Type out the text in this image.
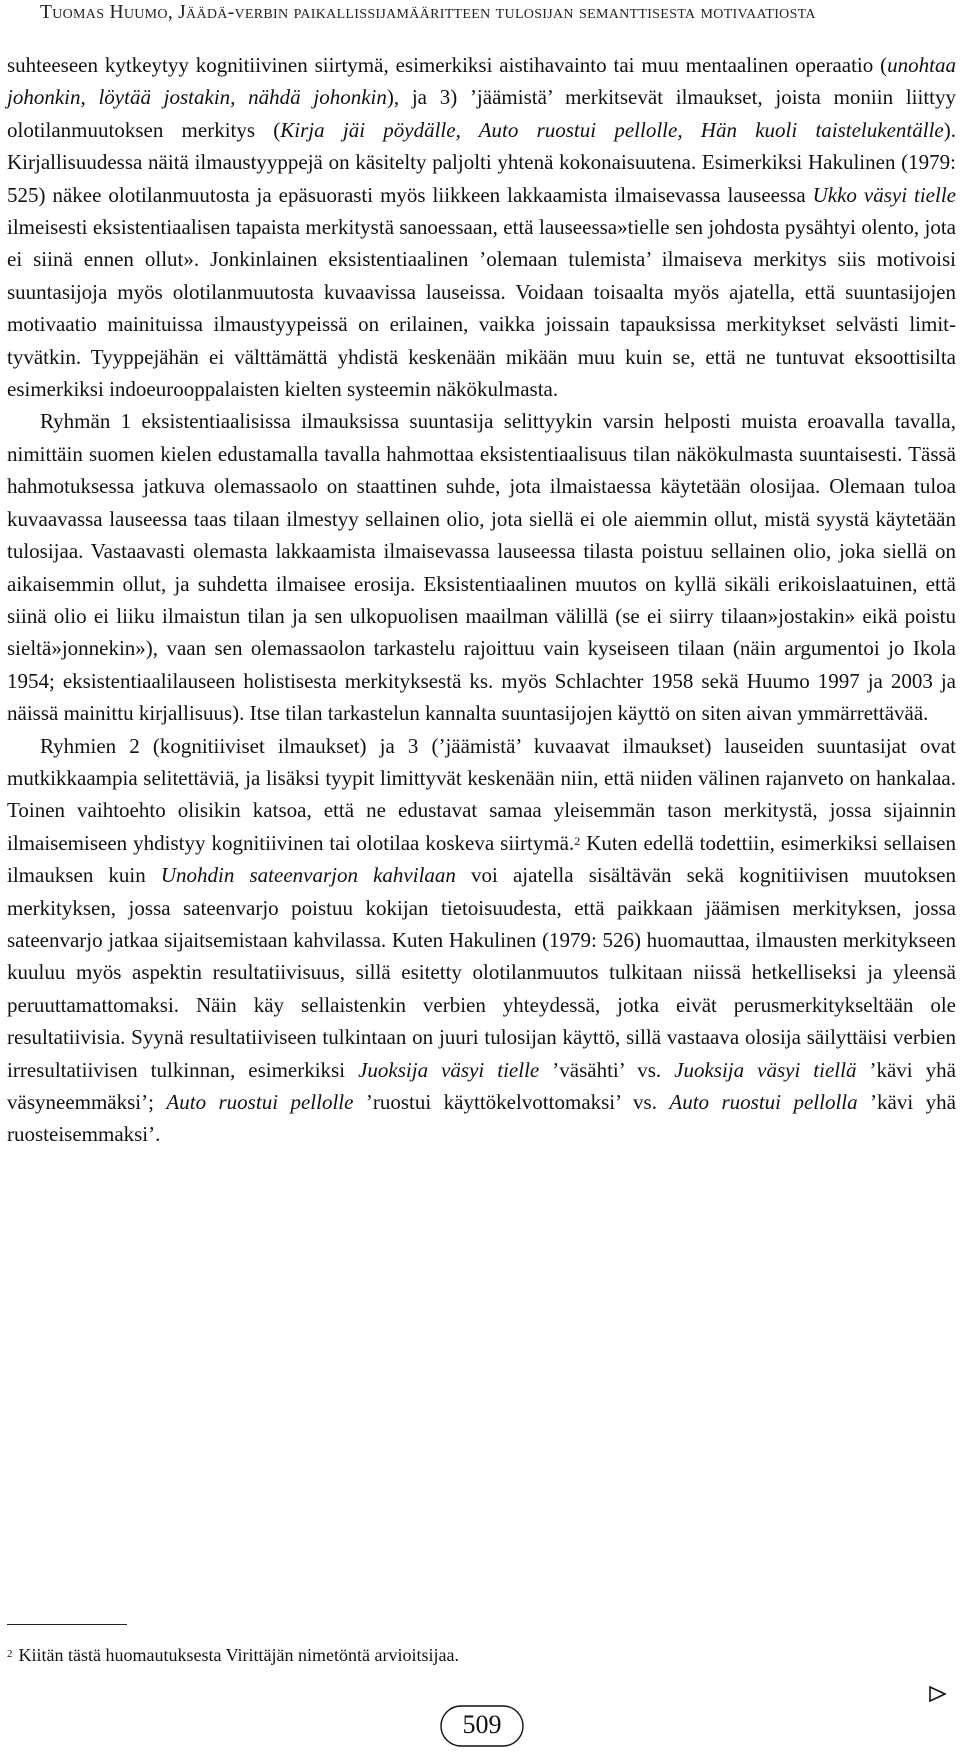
Tuomas Huumo, Jäädä-verbin paikallissijamääritteen tulosijan semanttisesta motivaatiosta

suhteeseen kytkeytyy kognitiivinen siirtymä, esimerkiksi aistihavainto tai muu mentaalinen operaatio (unohtaa johonkin, löytää jostakin, nähdä johonkin), ja 3) ’jäämistä’ merkitsevät ilmaukset, joista moniin liittyy olotilanmuutoksen merkitys (Kirja jäi pöydälle, Auto ruostui pellolle, Hän kuoli taistelukentälle). Kirjallisuudessa näitä ilmaustyyppejä on käsitelty paljolti yhtenä kokonaisuutena. Esimerkiksi Hakulinen (1979: 525) näkee olotilanmuutosta ja epäsuorasti myös liikkeen lakkaamista ilmaisevassa lauseessa Ukko väsyi tielle ilmeisesti eksistentiaalisen tapaista merkitystä sanoessaan, että lauseessa»tielle sen johdosta pysähtyi olento, jota ei siinä ennen ollut». Jonkinlainen eksistentiaalinen ’olemaan tulemista’ ilmaiseva merkitys siis motivoisi suuntasijoja myös olotilanmuutosta kuvaavissa lauseissa. Voidaan toisaalta myös ajatella, että suuntasijojen motivaatio mainituissa ilmaustyypeissä on erilainen, vaikka joissain tapauksissa merkitykset selvästi limittyvätkin. Tyyppejähän ei välttämättä yhdistä keskenään mikään muu kuin se, että ne tuntuvat eksoottisilta esimerkiksi indoeurooppalaisten kielten systeemin näkökulmasta.

Ryhmän 1 eksistentiaalisissa ilmauksissa suuntasija selittyykin varsin helposti muista eroavalla tavalla, nimittäin suomen kielen edustamalla tavalla hahmottaa eksistentiaalisuus tilan näkökulmasta suuntaisesti. Tässä hahmotuksessa jatkuva olemassaolo on staattinen suhde, jota ilmaistaessa käytetään olosijaa. Olemaan tuloa kuvaavassa lauseessa taas tilaan ilmestyy sellainen olio, jota siellä ei ole aiemmin ollut, mistä syystä käytetään tulosijaa. Vastaavasti olemasta lakkaamista ilmaisevassa lauseessa tilasta poistuu sellainen olio, joka siellä on aikaisemmin ollut, ja suhdetta ilmaisee erosija. Eksistentiaalinen muutos on kyllä sikäli erikoislaatuinen, että siinä olio ei liiku ilmaistun tilan ja sen ulkopuolisen maailman välillä (se ei siirry tilaan»jostakin» eikä poistu sieltä»jonnekin»), vaan sen olemassaolon tarkastelu rajoittuu vain kyseiseen tilaan (näin argumentoi jo Ikola 1954; eksistentiaalilauseen holistisesta merkityksestä ks. myös Schlachter 1958 sekä Huumo 1997 ja 2003 ja näissä mainittu kirjallisuus). Itse tilan tarkastelun kannalta suuntasijojen käyttö on siten aivan ymmärrettävää.

Ryhmien 2 (kognitiiviset ilmaukset) ja 3 (’jäämistä’ kuvaavat ilmaukset) lauseiden suuntasijat ovat mutkikkaampia selitettäviä, ja lisäksi tyypit limittyvät keskenään niin, että niiden välinen rajanveto on hankalaa. Toinen vaihtoehto olisikin katsoa, että ne edustavat samaa yleisemmän tason merkitystä, jossa sijainnin ilmaisemiseen yhdistyy kognitiivinen tai olotilaa koskeva siirtymä.$^2$ Kuten edellä todettiin, esimerkiksi sellaisen ilmauksen kuin Unohdin sateenvarjon kahvilaan voi ajatella sisältävän sekä kognitiivisen muutoksen merkityksen, jossa sateenvarjo poistuu kokijan tietoisuudesta, että paikkaan jäämisen merkityksen, jossa sateenvarjo jatkaa sijaitsemistaan kahvilassa. Kuten Hakulinen (1979: 526) huomauttaa, ilmausten merkitykseen kuuluu myös aspektin resultatiivisuus, sillä esitetty olotilanmuutos tulkitaan niissä hetkelliseksi ja yleensä peruuttamattomaksi. Näin käy sellaistenkin verbien yhteydessä, jotka eivät perusmerkitykseltään ole resultatiivisia. Syynä resultatiiviseen tulkintaan on juuri tulosijan käyttö, sillä vastaava olosija säilyttäisi verbien irresultatiivisen tulkinnan, esimerkiksi Juoksija väsyi tielle ’väsähti’ vs. Juoksija väsyi tiellä ’kävi yhä väsyneemmäksi’; Auto ruostui pellolle ’ruostui käyttökelvottomaksi’ vs. Auto ruostui pellolla ’kävi yhä ruosteisemmaksi’.

$^2$ Kiitän tästä huomautuksesta Virittäjän nimetöntä arvioitsijaa.
509
